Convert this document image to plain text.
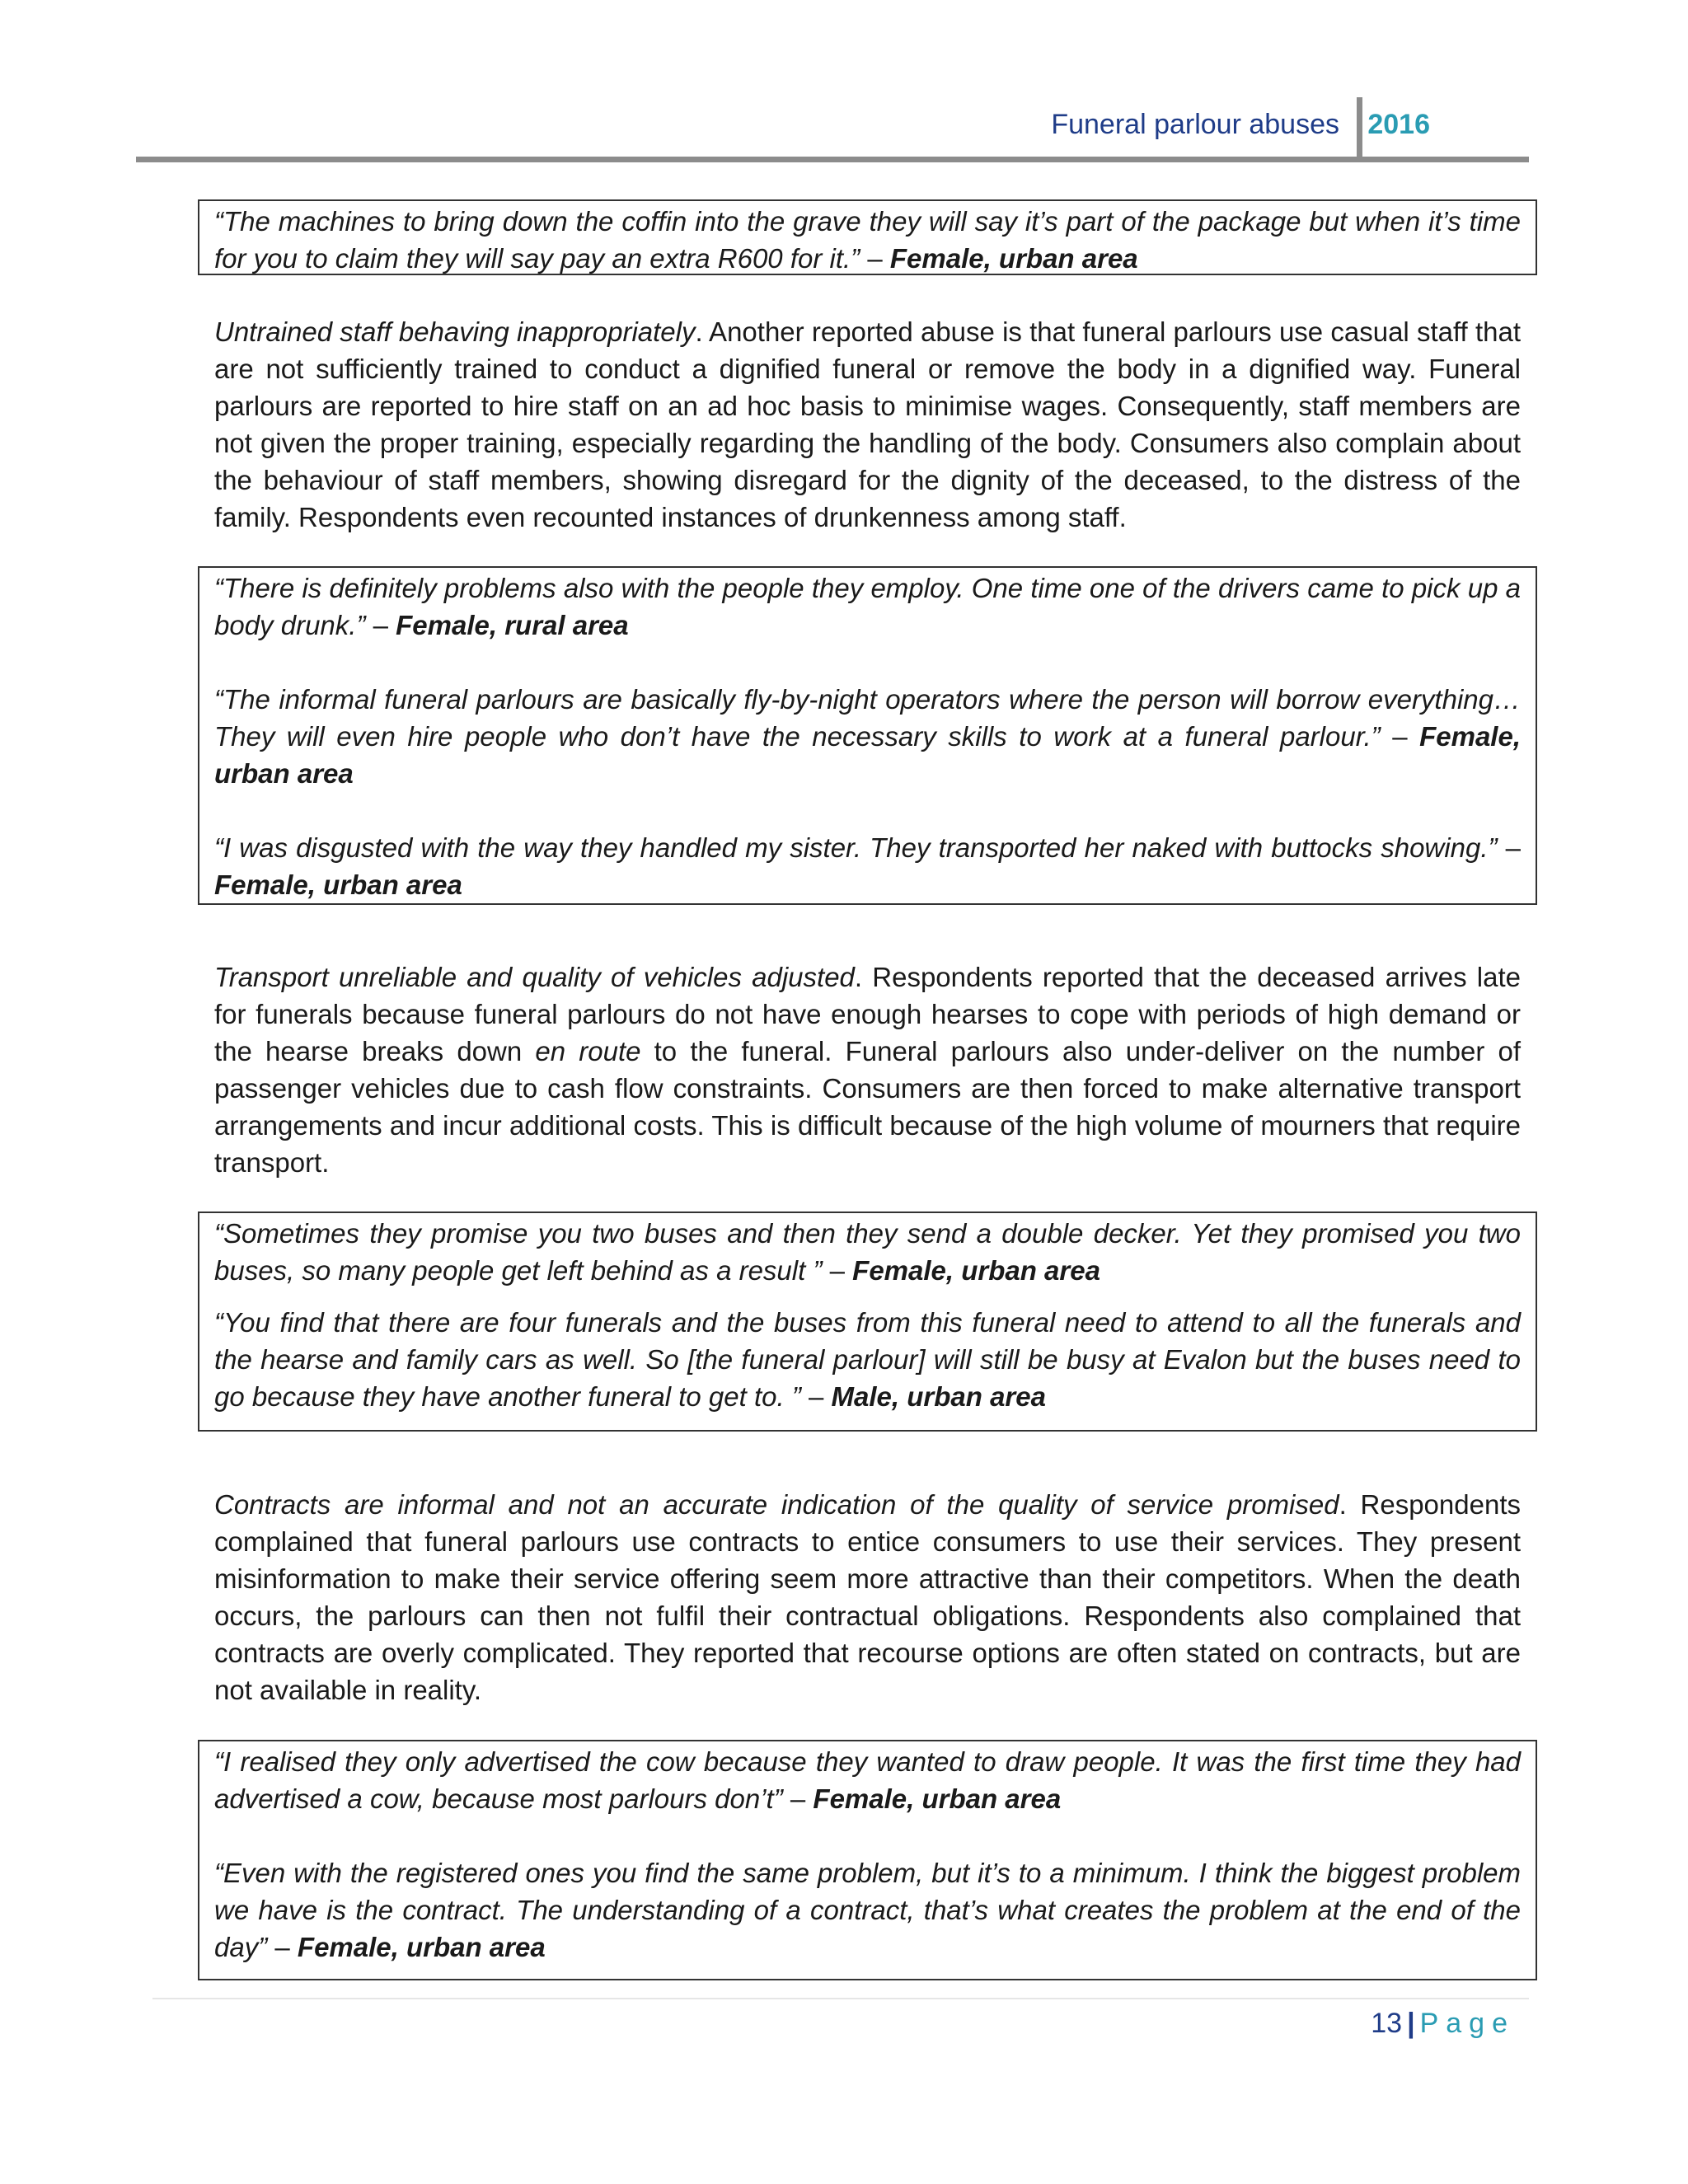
Funeral parlour abuses 2016

“The machines to bring down the coffin into the grave they will say it’s part of the package but when it’s time for you to claim they will say pay an extra R600 for it.” – Female, urban area

Untrained staff behaving inappropriately. Another reported abuse is that funeral parlours use casual staff that are not sufficiently trained to conduct a dignified funeral or remove the body in a dignified way. Funeral parlours are reported to hire staff on an ad hoc basis to minimise wages. Consequently, staff members are not given the proper training, especially regarding the handling of the body. Consumers also complain about the behaviour of staff members, showing disregard for the dignity of the deceased, to the distress of the family. Respondents even recounted instances of drunkenness among staff.

“There is definitely problems also with the people they employ. One time one of the drivers came to pick up a body drunk.” – Female, rural area

“The informal funeral parlours are basically fly-by-night operators where the person will borrow everything… They will even hire people who don’t have the necessary skills to work at a funeral parlour.” – Female, urban area

“I was disgusted with the way they handled my sister. They transported her naked with buttocks showing.” – Female, urban area

Transport unreliable and quality of vehicles adjusted. Respondents reported that the deceased arrives late for funerals because funeral parlours do not have enough hearses to cope with periods of high demand or the hearse breaks down en route to the funeral. Funeral parlours also under-deliver on the number of passenger vehicles due to cash flow constraints. Consumers are then forced to make alternative transport arrangements and incur additional costs. This is difficult because of the high volume of mourners that require transport.

“Sometimes they promise you two buses and then they send a double decker. Yet they promised you two buses, so many people get left behind as a result ” – Female, urban area

“You find that there are four funerals and the buses from this funeral need to attend to all the funerals and the hearse and family cars as well. So [the funeral parlour] will still be busy at Evalon but the buses need to go because they have another funeral to get to. ” – Male, urban area

Contracts are informal and not an accurate indication of the quality of service promised. Respondents complained that funeral parlours use contracts to entice consumers to use their services. They present misinformation to make their service offering seem more attractive than their competitors. When the death occurs, the parlours can then not fulfil their contractual obligations. Respondents also complained that contracts are overly complicated. They reported that recourse options are often stated on contracts, but are not available in reality.

“I realised they only advertised the cow because they wanted to draw people. It was the first time they had advertised a cow, because most parlours don’t” – Female, urban area

“Even with the registered ones you find the same problem, but it’s to a minimum. I think the biggest problem we have is the contract. The understanding of a contract, that’s what creates the problem at the end of the day” – Female, urban area

13 | Page
